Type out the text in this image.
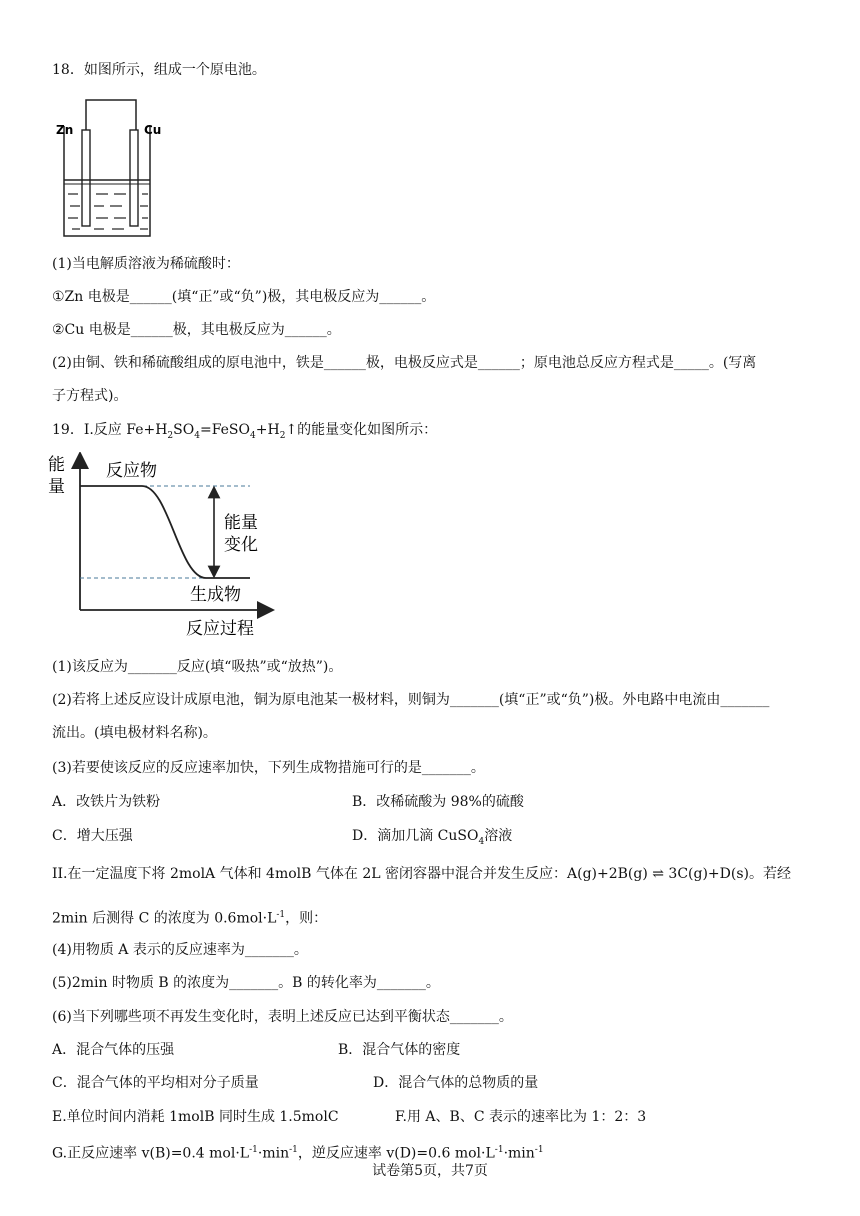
18．如图所示，组成一个原电池。
Zn	Cu
(1)当电解质溶液为稀硫酸时：
①Zn 电极是______(填“正”或“负”)极，其电极反应为______。
②Cu 电极是______极，其电极反应为______。
(2)由铜、铁和稀硫酸组成的原电池中，铁是______极，电极反应式是______；原电池总反应方程式是_____。(写离
子方程式)。
19．I.反应 $Fe+H_2SO_4=FeSO_4+H_2↑$的能量变化如图所示：
能
量
反应物
能量
变化
生成物
反应过程
(1)该反应为_______反应(填“吸热”或“放热”)。
(2)若将上述反应设计成原电池，铜为原电池某一极材料，则铜为_______(填“正”或“负”)极。外电路中电流由_______
流出。(填电极材料名称)。
(3)若要使该反应的反应速率加快，下列生成物措施可行的是_______。
A．改铁片为铁粉	B．改稀硫酸为 98%的硫酸
C．增大压强	D．滴加几滴 CuSO$_4$溶液
II.在一定温度下将 2molA 气体和 4molB 气体在 2L 密闭容器中混合并发生反应：A(g)+2B(g) ⇌ 3C(g)+D(s)。若经
2min 后测得 C 的浓度为 $0.6mol\cdot L^{-1}$，则：
(4)用物质 A 表示的反应速率为_______。
(5)2min 时物质 B 的浓度为_______。B 的转化率为_______。
(6)当下列哪些项不再发生变化时，表明上述反应已达到平衡状态_______。
A．混合气体的压强	B．混合气体的密度
C．混合气体的平均相对分子质量	D．混合气体的总物质的量
E.单位时间内消耗 1molB 同时生成 1.5molC	F.用 A、B、C 表示的速率比为 1：2：3
G.正反应速率 v(B)=0.4 $mol\cdot L^{-1}\cdot\min^{-1}$，逆反应速率 v(D)=0.6 $mol\cdot L^{-1}\cdot\min^{-1}$
试卷第5页，共7页
